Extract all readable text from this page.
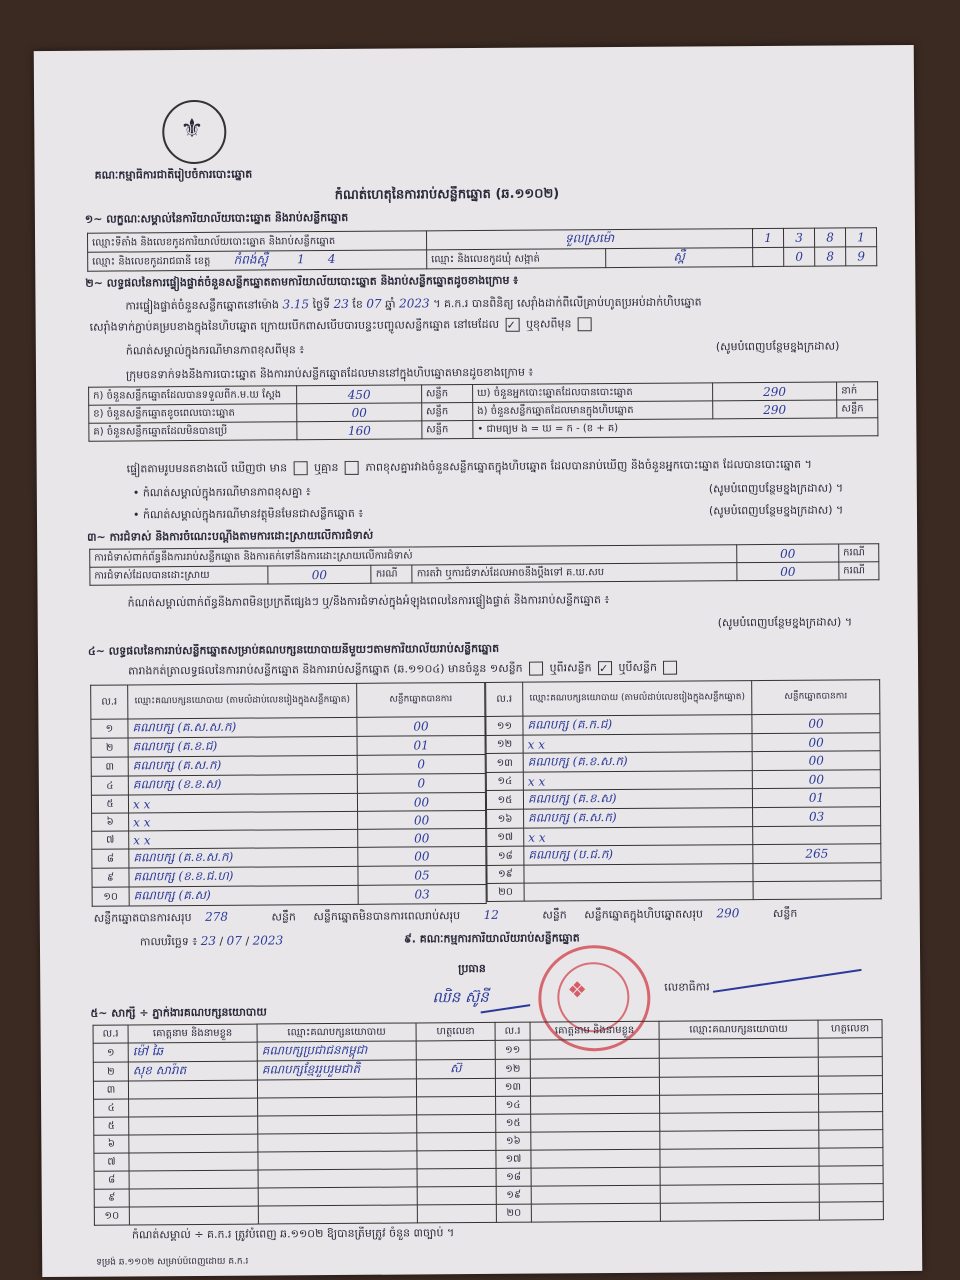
⚜
គណៈកម្មាធិការជាតិរៀបចំការបោះឆ្នោត
កំណត់ហេតុនៃការរាប់សន្លឹកឆ្នោត (ឆ.១១០២)
១~ លក្ខណៈសម្គាល់នៃការិយាល័យបោះឆ្នោត និងរាប់សន្លឹកឆ្នោត
ឈ្មោះទីតាំង និងលេខកូដការិយាល័យបោះឆ្នោត និងរាប់សន្លឹកឆ្នោត	ទួលស្រម៉ោ		1	3	8	1
ឈ្មោះ និងលេខកូដរាជធានី ខេត្ត កំពង់ស្ពឺ 1 4	ឈ្មោះ និងលេខកូដឃុំ សង្កាត់	ស្ពឺ		0	8	9
២~ លទ្ធផលនៃការផ្ទៀងផ្ទាត់ចំនួនសន្លឹកឆ្នោតតាមការិយាល័យបោះឆ្នោត និងរាប់សន្លឹកឆ្នោតដូចខាងក្រោម ៖
ការផ្ទៀងផ្ទាត់ចំនួនសន្លឹកឆ្នោតនៅម៉ោង 3.15 ថ្ងៃទី 23 ខែ 07 ឆ្នាំ 2023 ។ គ.ក.រ បានពិនិត្យ សេរ៉ាំងដាក់ពីលើគ្រាប់ហូតប្រអប់ដាក់ហិបឆ្នោត
សេរ៉ាំងទាក់ភ្ជាប់គម្របខាងក្នុងនៃហិបឆ្នោត ក្រោយបើកពាសបើបបារបន្ទះបញ្ចូលសន្លឹកឆ្នោត នៅមេដែល ✓ ឬខុសពីមុន
កំណត់សម្គាល់ក្នុងករណីមានភាពខុសពីមុន ៖	(សូមបំពេញបន្ថែមខ្នងក្រដាស)
ក្រុមចនទាក់ទងនឹងការបោះឆ្នោត និងការរាប់សន្លឹកឆ្នោតដែលមាននៅក្នុងហិបឆ្នោតមានដូចខាងក្រោម ៖
ក) ចំនួនសន្លឹកឆ្នោតដែលបានទទួលពីក.ម.ឃ ស្ដែង	450	សន្លឹក	ឃ) ចំនួនអ្នកបោះឆ្នោតដែលបានបោះឆ្នោត	290	នាក់
ខ) ចំនួនសន្លឹកឆ្នោតខូចពេលបោះឆ្នោត	00	សន្លឹក	ង) ចំនួនសន្លឹកឆ្នោតដែលមានក្នុងហិបឆ្នោត	290	សន្លឹក
គ) ចំនួនសន្លឹកឆ្នោតដែលមិនបានប្រើ	160	សន្លឹក	• ជាមធ្យម ង = ឃ = ក - (ខ + គ)		
ផ្ទៀតតាមរូបមនតខាងលើ ឃើញថា មាន ឬគ្មាន ភាពខុសគ្នារវាងចំនួនសន្លឹកឆ្នោតក្នុងហិបឆ្នោត ដែលបានរាប់ឃើញ និងចំនួនអ្នកបោះឆ្នោត ដែលបានបោះឆ្នោត ។
• កំណត់សម្គាល់ក្នុងករណីមានភាពខុសគ្នា ៖	(សូមបំពេញបន្ថែមខ្នងក្រដាស) ។
• កំណត់សម្គាល់ក្នុងករណីមានវត្ថុមិនមែនជាសន្លឹកឆ្នោត ៖	(សូមបំពេញបន្ថែមខ្នងក្រដាស) ។
៣~ ការជំទាស់ និងការចំណេះបណ្ដឹងតាមការដោះស្រាយលើការជំទាស់
ការជំទាស់ពាក់ព័ន្ធនឹងការរាប់សន្លឹកឆ្នោត និងការតក់ទៅនឹងការដោះស្រាយលើការជំទាស់				00	ករណី
ការជំទាស់ដែលបានដោះស្រាយ	00	ករណី	ការតវ៉ា ឬការជំទាស់ដែលអាចនឹងប្ដឹងទៅ គ.ឃ.សប	00	ករណី
កំណត់សម្គាល់ពាក់ព័ន្ធនឹងភាពមិនប្រក្រតីផ្សេងៗ ឬ/និងការជំទាស់ក្នុងអំឡុងពេលនៃការផ្ទៀងផ្ទាត់ និងការរាប់សន្លឹកឆ្នោត ៖
(សូមបំពេញបន្ថែមខ្នងក្រដាស) ។
៤~ លទ្ធផលនៃការរាប់សន្លឹកឆ្នោតសម្រាប់គណបក្សនយោបាយនីមួយៗតាមការិយាល័យរាប់សន្លឹកឆ្នោត
តារាងកត់ត្រាលទ្ធផលនៃការរាប់សន្លឹកឆ្នោត និងការរាប់សន្លឹកឆ្នោត (ឆ.១១០៤) មានចំនួន ១សន្លឹក ឬពីរសន្លឹក ✓ ឬបីសន្លឹក
ល.រ	ឈ្មោះគណបក្សនយោបាយ (តាមលំដាប់លេខរៀងក្នុងសន្លឹកឆ្នោត)	សន្លឹកឆ្នោតបានការ
១	គណបក្ស (គ.ស.ស.ក)	00
២	គណបក្ស (គ.ខ.ជ)	01
៣	គណបក្ស (គ.ស.ក)	0
៤	គណបក្ស (ខ.ខ.ស)	0
៥	x x	00
៦	x x	00
៧	x x	00
៨	គណបក្ស (គ.ខ.ស.ក)	00
៩	គណបក្ស (ខ.ខ.ជ.ហ)	05
១០	គណបក្ស (គ.ស)	03
ល.រ	ឈ្មោះគណបក្សនយោបាយ (តាមលំដាប់លេខរៀងក្នុងសន្លឹកឆ្នោត)	សន្លឹកឆ្នោតបានការ
១១	គណបក្ស (គ.ក.ជ)	00
១២	x x	00
១៣	គណបក្ស (គ.ខ.ស.ក)	00
១៤	x x	00
១៥	គណបក្ស (គ.ខ.ស)	01
១៦	គណបក្ស (គ.ស.ក)	03
១៧	x x	
១៨	គណបក្ស (ប.ជ.ក)	265
១៩		
២០		
សន្លឹកឆ្នោតបានការសរុប 278	សន្លឹក សន្លឹកឆ្នោតមិនបានការពេលរាប់សរុប 12	សន្លឹក សន្លឹកឆ្នោតក្នុងហិបឆ្នោតសរុប 290	សន្លឹក
កាលបរិច្ឆេទ ៖ 23 / 07 / 2023	៩. គណៈកម្មការការិយាល័យរាប់សន្លឹកឆ្នោត
ប្រធាន
ឈិន ស៊ូនី
លេខាធិការ
❖
៥~ សាក្សី ÷ ភ្នាក់ងារគណបក្សនយោបាយ
ល.រ	គោត្តនាម និងនាមខ្លួន	ឈ្មោះគណបក្សនយោបាយ	ហត្ថលេខា	ល.រ	គោត្តនាម និងនាមខ្លួន	ឈ្មោះគណបក្សនយោបាយ	ហត្ថលេខា
១	ម៉ៅ ឆៃ	គណបក្សប្រជាជនកម្ពុជា		១១			
២	សុខ សារ៉ាត	គណបក្សខ្មែររួបរួមជាតិ	ស៊	១២			
៣				១៣			
៤				១៤			
៥				១៥			
៦				១៦			
៧				១៧			
៨				១៨			
៩				១៩			
១០				២០			
កំណត់សម្គាល់ ÷ គ.ក.រ ត្រូវបំពេញ ឆ.១១០២ ឱ្យបានត្រឹមត្រូវ ចំនួន ៣ច្បាប់ ។
ទម្រង់ ឆ.១១០២ សម្រាប់បំពេញដោយ គ.ក.រ
